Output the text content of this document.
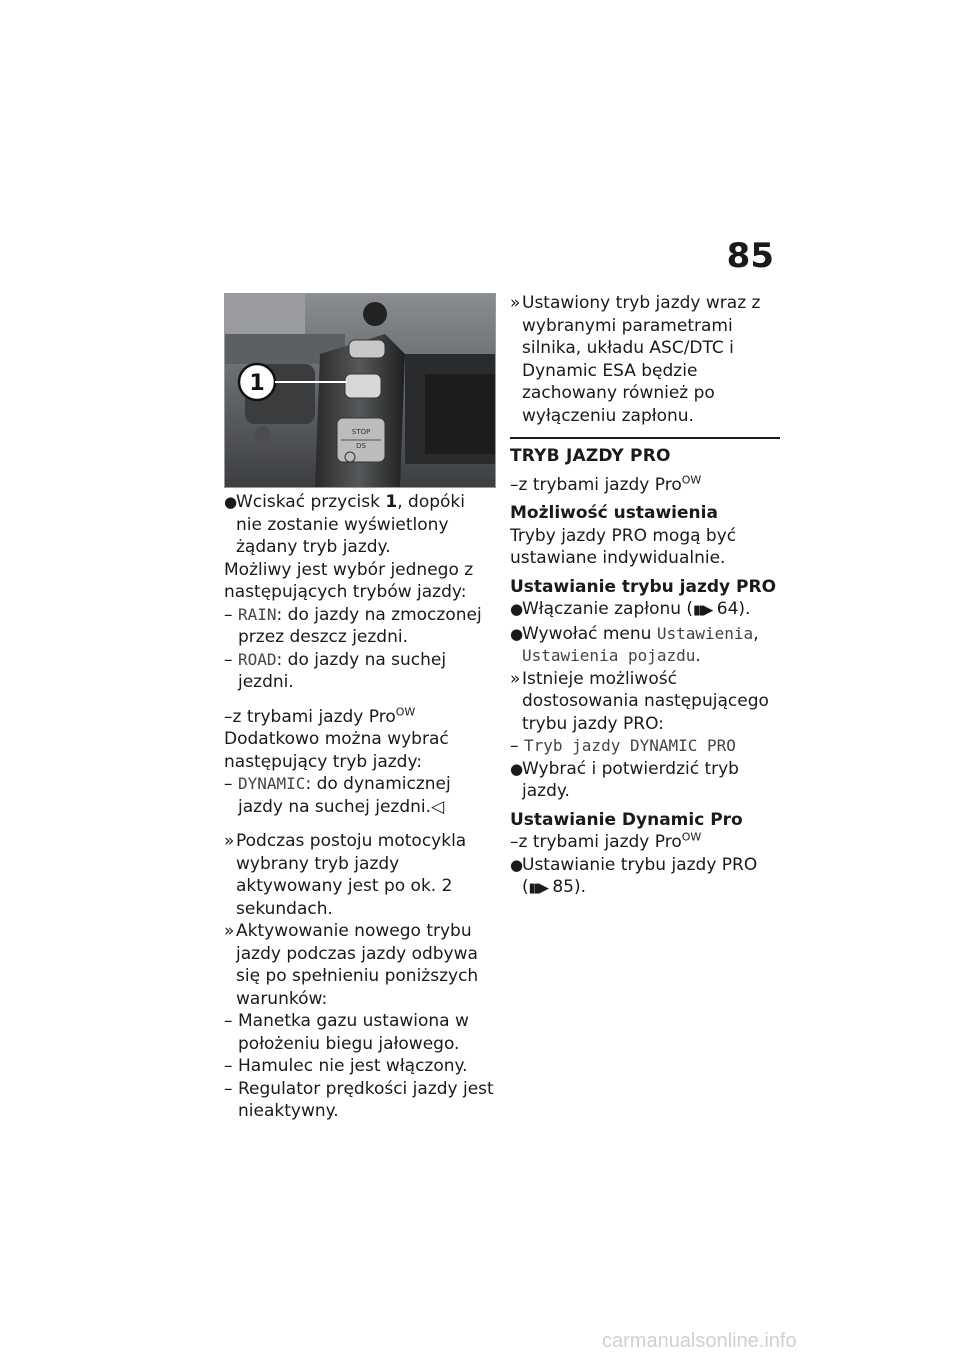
85
STOP
DS
1
●
Wciskać przycisk 1, dopóki nie zostanie wyświetlony żądany tryb jazdy.
Możliwy jest wybór jednego z następujących trybów jazdy:
– RAIN: do jazdy na zmoczonej przez deszcz jezdni.
– ROAD: do jazdy na suchej jezdni.
–z trybami jazdy Pro$^{OW}$
Dodatkowo można wybrać następujący tryb jazdy:
– DYNAMIC: do dynamicznej jazdy na suchej jezdni.◁
» Podczas postoju motocykla wybrany tryb jazdy aktywowany jest po ok. 2 sekundach.
» Aktywowanie nowego trybu jazdy podczas jazdy odbywa się po spełnieniu poniższych warunków:
– Manetka gazu ustawiona w położeniu biegu jałowego.
– Hamulec nie jest włączony.
– Regulator prędkości jazdy jest nieaktywny.
» Ustawiony tryb jazdy wraz z wybranymi parametrami silnika, układu ASC/DTC i Dynamic ESA będzie zachowany również po wyłączeniu zapłonu.
TRYB JAZDY PRO
–z trybami jazdy Pro$^{OW}$
Możliwość ustawienia
Tryby jazdy PRO mogą być ustawiane indywidualnie.
Ustawianie trybu jazdy PRO
●
Włączanie zapłonu (▮▮▶ 64).
●
Wywołać menu Ustawienia, Ustawienia pojazdu.
» Istnieje możliwość dostosowania następującego trybu jazdy PRO:
– Tryb jazdy DYNAMIC PRO
●
Wybrać i potwierdzić tryb jazdy.
Ustawianie Dynamic Pro
–z trybami jazdy Pro$^{OW}$
●
Ustawianie trybu jazdy PRO (▮▮▶ 85).
carmanualsonline.info
